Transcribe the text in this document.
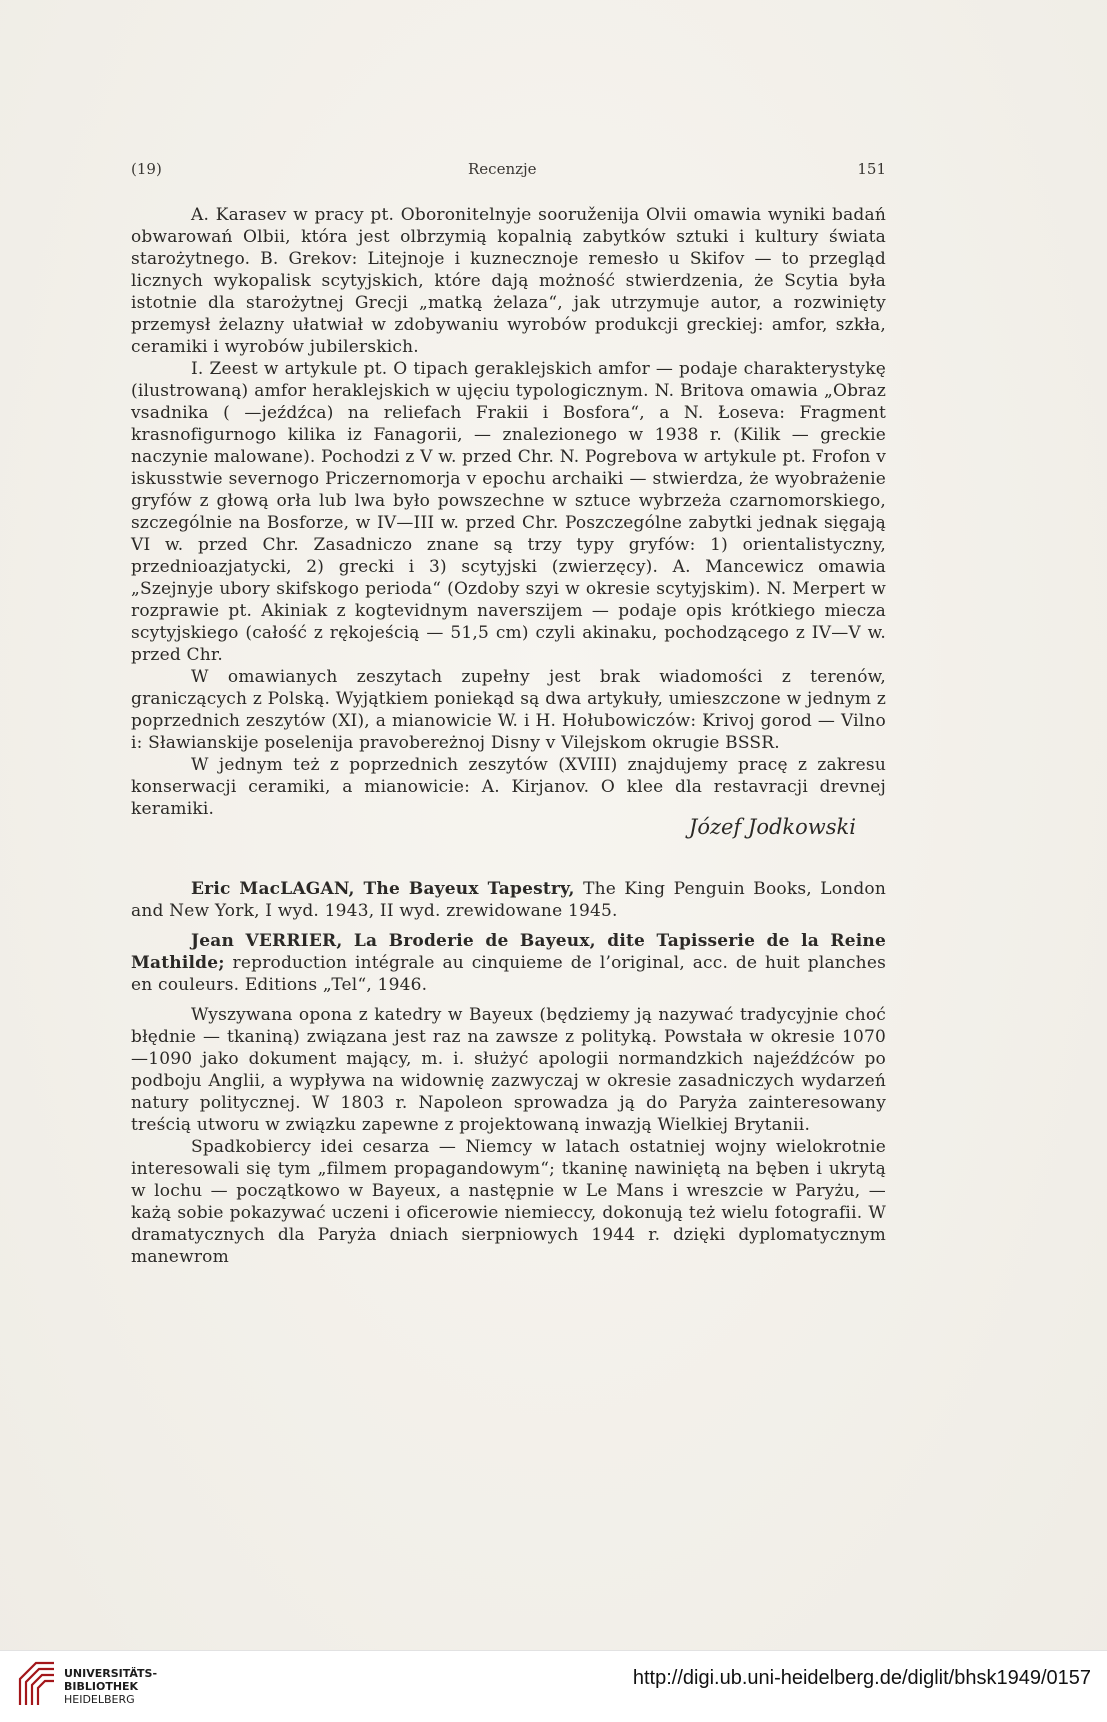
(19)	Recenzje	151

A. Karasev w pracy pt. Oboronitelnyje sooruženija Olvii omawia wyniki badań obwarowań Olbii, która jest olbrzymią kopalnią zabytków sztuki i kultury świata starożytnego. B. Grekov: Litejnoje i kuznecznoje remesło u Skifov — to przegląd licznych wykopalisk scytyjskich, które dają możność stwierdzenia, że Scytia była istotnie dla starożytnej Grecji „matką żelaza“, jak utrzymuje autor, a rozwinięty przemysł żelazny ułatwiał w zdobywaniu wyrobów produkcji greckiej: amfor, szkła, ceramiki i wyrobów jubilerskich.

I. Zeest w artykule pt. O tipach geraklejskich amfor — podaje charakterystykę (ilustrowaną) amfor heraklejskich w ujęciu typologicznym. N. Britova omawia „Obraz vsadnika ( —jeźdźca) na reliefach Frakii i Bosfora“, a N. Łoseva: Fragment krasnofigurnogo kilika iz Fanagorii, — znalezionego w 1938 r. (Kilik — greckie naczynie malowane). Pochodzi z V w. przed Chr. N. Pogrebova w artykule pt. Frofon v iskusstwie severnogo Priczernomorja v epochu archaiki — stwierdza, że wyobrażenie gryfów z głową orła lub lwa było powszechne w sztuce wybrzeża czarnomorskiego, szczególnie na Bosforze, w IV—III w. przed Chr. Poszczególne zabytki jednak sięgają VI w. przed Chr. Zasadniczo znane są trzy typy gryfów: 1) orientalistyczny, przednioazjatycki, 2) grecki i 3) scytyjski (zwierzęcy). A. Mancewicz omawia „Szejnyje ubory skifskogo perioda“ (Ozdoby szyi w okresie scytyjskim). N. Merpert w rozprawie pt. Akiniak z kogtevidnym naverszijem — podaje opis krótkiego miecza scytyjskiego (całość z rękojeścią — 51,5 cm) czyli akinaku, pochodzącego z IV—V w. przed Chr.

W omawianych zeszytach zupełny jest brak wiadomości z terenów, graniczących z Polską. Wyjątkiem poniekąd są dwa artykuły, umieszczone w jednym z poprzednich zeszytów (XI), a mianowicie W. i H. Hołubowiczów: Krivoj gorod — Vilno i: Sławianskije poselenija pravobereżnoj Disny v Vilejskom okrugie BSSR.

W jednym też z poprzednich zeszytów (XVIII) znajdujemy pracę z zakresu konserwacji ceramiki, a mianowicie: A. Kirjanov. O klee dla restavracji drevnej keramiki.

Józef Jodkowski

Eric MacLAGAN, The Bayeux Tapestry, The King Penguin Books, London and New York, I wyd. 1943, II wyd. zrewidowane 1945.

Jean VERRIER, La Broderie de Bayeux, dite Tapisserie de la Reine Mathilde; reproduction intégrale au cinquieme de l’original, acc. de huit planches en couleurs. Editions „Tel“, 1946.

Wyszywana opona z katedry w Bayeux (będziemy ją nazywać tradycyjnie choć błędnie — tkaniną) związana jest raz na zawsze z polityką. Powstała w okresie 1070—1090 jako dokument mający, m. i. służyć apologii normandzkich najeźdźców po podboju Anglii, a wypływa na widownię zazwyczaj w okresie zasadniczych wydarzeń natury politycznej. W 1803 r. Napoleon sprowadza ją do Paryża zainteresowany treścią utworu w związku zapewne z projektowaną inwazją Wielkiej Brytanii.

Spadkobiercy idei cesarza — Niemcy w latach ostatniej wojny wielokrotnie interesowali się tym „filmem propagandowym“; tkaninę nawiniętą na bęben i ukrytą w lochu — początkowo w Bayeux, a następnie w Le Mans i wreszcie w Paryżu, — każą sobie pokazywać uczeni i oficerowie niemieccy, dokonują też wielu fotografii. W dramatycznych dla Paryża dniach sierpniowych 1944 r. dzięki dyplomatycznym manewrom

UNIVERSITÄTS-
BIBLIOTHEK
HEIDELBERG
http://digi.ub.uni-heidelberg.de/diglit/bhsk1949/0157
